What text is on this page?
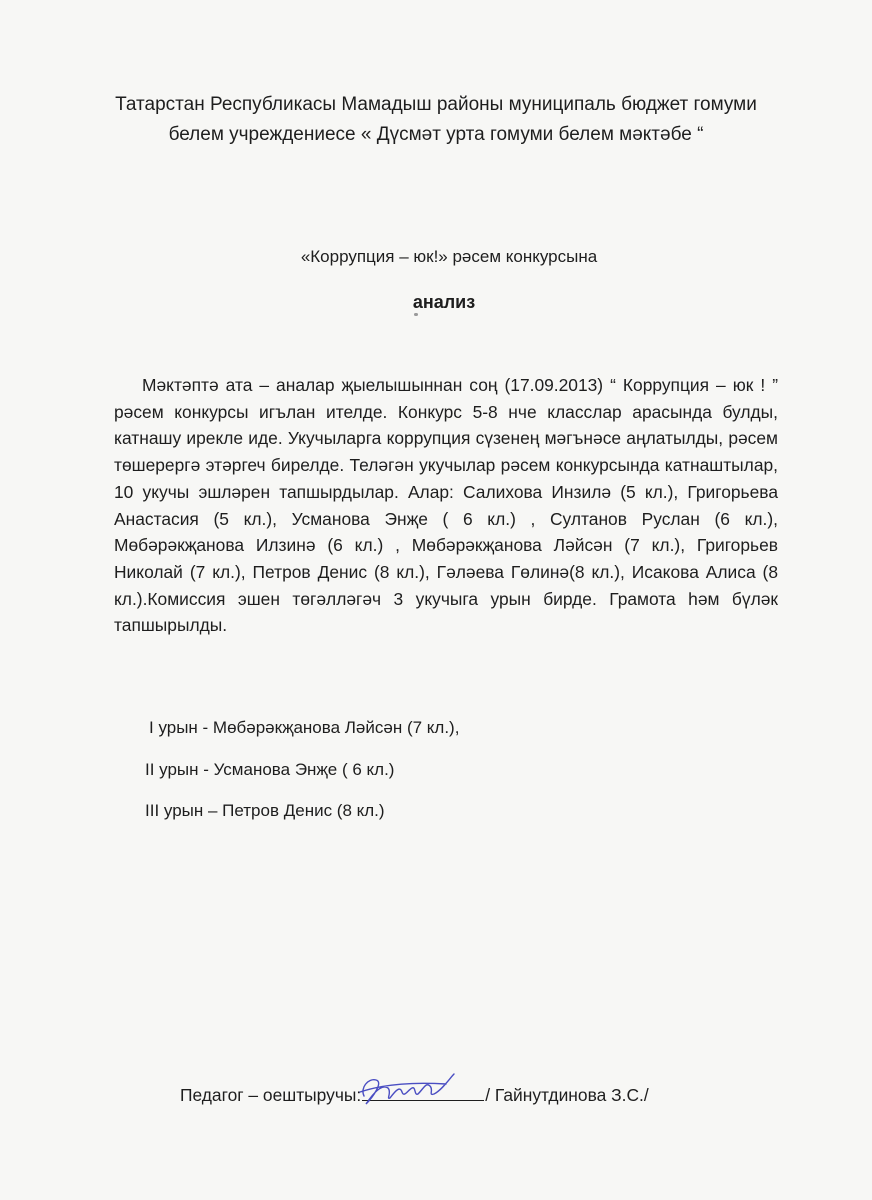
Татарстан Республикасы Мамадыш районы муниципаль бюджет гомуми
белем учреждениесе « Дүсмәт урта гомуми белем мәктәбе “
«Коррупция – юк!» рәсем конкурсына
анализ

Мәктәптә ата – аналар җыелышыннан соң (17.09.2013) “ Коррупция – юк ! ” рәсем конкурсы игълан ителде. Конкурс 5-8 нче класслар арасында булды, катнашу ирекле иде. Укучыларга коррупция сүзенең мәгънәсе аңлатылды, рәсем төшерергә этәргеч бирелде. Теләгән укучылар рәсем конкурсында катнаштылар, 10 укучы эшләрен тапшырдылар. Алар: Салихова Инзилә (5 кл.), Григорьева Анастасия (5 кл.), Усманова Энҗе ( 6 кл.) , Султанов Руслан (6 кл.), Мөбәрәкҗанова Илзинә (6 кл.) , Мөбәрәкҗанова Ләйсән (7 кл.), Григорьев Николай (7 кл.), Петров Денис (8 кл.), Гәләева Гөлинә(8 кл.), Исакова Алиса (8 кл.).Комиссия эшен төгәлләгәч 3 укучыга урын бирде. Грамота һәм бүләк тапшырылды.

I урын - Мөбәрәкҗанова Ләйсән (7 кл.),
II урын - Усманова Энҗе ( 6 кл.)
III урын – Петров Денис (8 кл.)
Педагог – оештыручы:	/ Гайнутдинова З.С./
